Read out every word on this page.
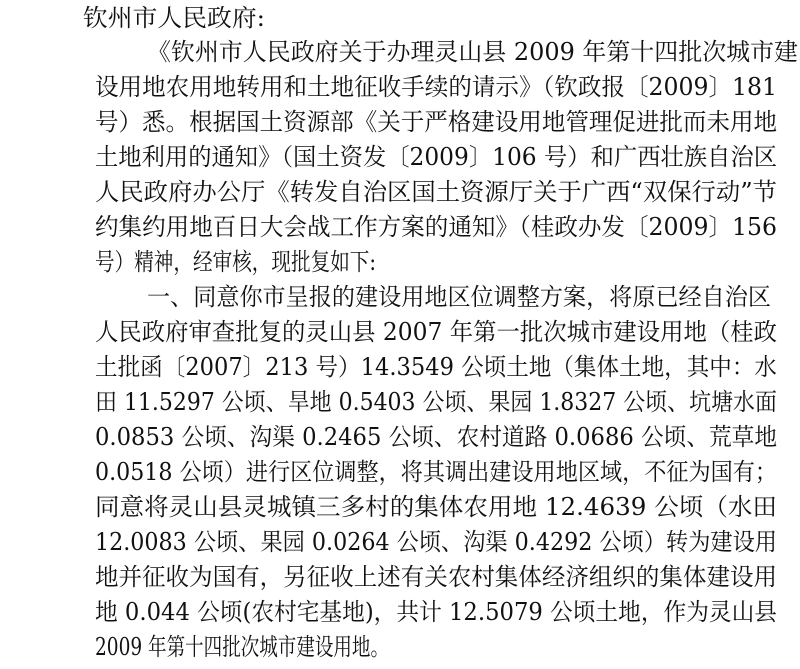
钦州市人民政府:
《钦州市人民政府关于办理灵山县 2009 年第十四批次城市建
设用地农用地转用和土地征收手续的请示》（钦政报〔2009〕181
号）悉。根据国土资源部《关于严格建设用地管理促进批而未用地
土地利用的通知》（国土资发〔2009〕106 号）和广西壮族自治区
人民政府办公厅《转发自治区国土资源厅关于广西“双保行动”节
约集约用地百日大会战工作方案的通知》（桂政办发〔2009〕156
号）精神，经审核，现批复如下:
一、同意你市呈报的建设用地区位调整方案，将原已经自治区
人民政府审查批复的灵山县 2007 年第一批次城市建设用地（桂政
土批函〔2007〕213 号）14.3549 公顷土地（集体土地，其中：水
田 11.5297 公顷、旱地 0.5403 公顷、果园 1.8327 公顷、坑塘水面
0.0853 公顷、沟渠 0.2465 公顷、农村道路 0.0686 公顷、荒草地
0.0518 公顷）进行区位调整，将其调出建设用地区域，不征为国有；
同意将灵山县灵城镇三多村的集体农用地 12.4639 公顷（水田
12.0083 公顷、果园 0.0264 公顷、沟渠 0.4292 公顷）转为建设用
地并征收为国有，另征收上述有关农村集体经济组织的集体建设用
地 0.044 公顷(农村宅基地)，共计 12.5079 公顷土地，作为灵山县
2009 年第十四批次城市建设用地。
